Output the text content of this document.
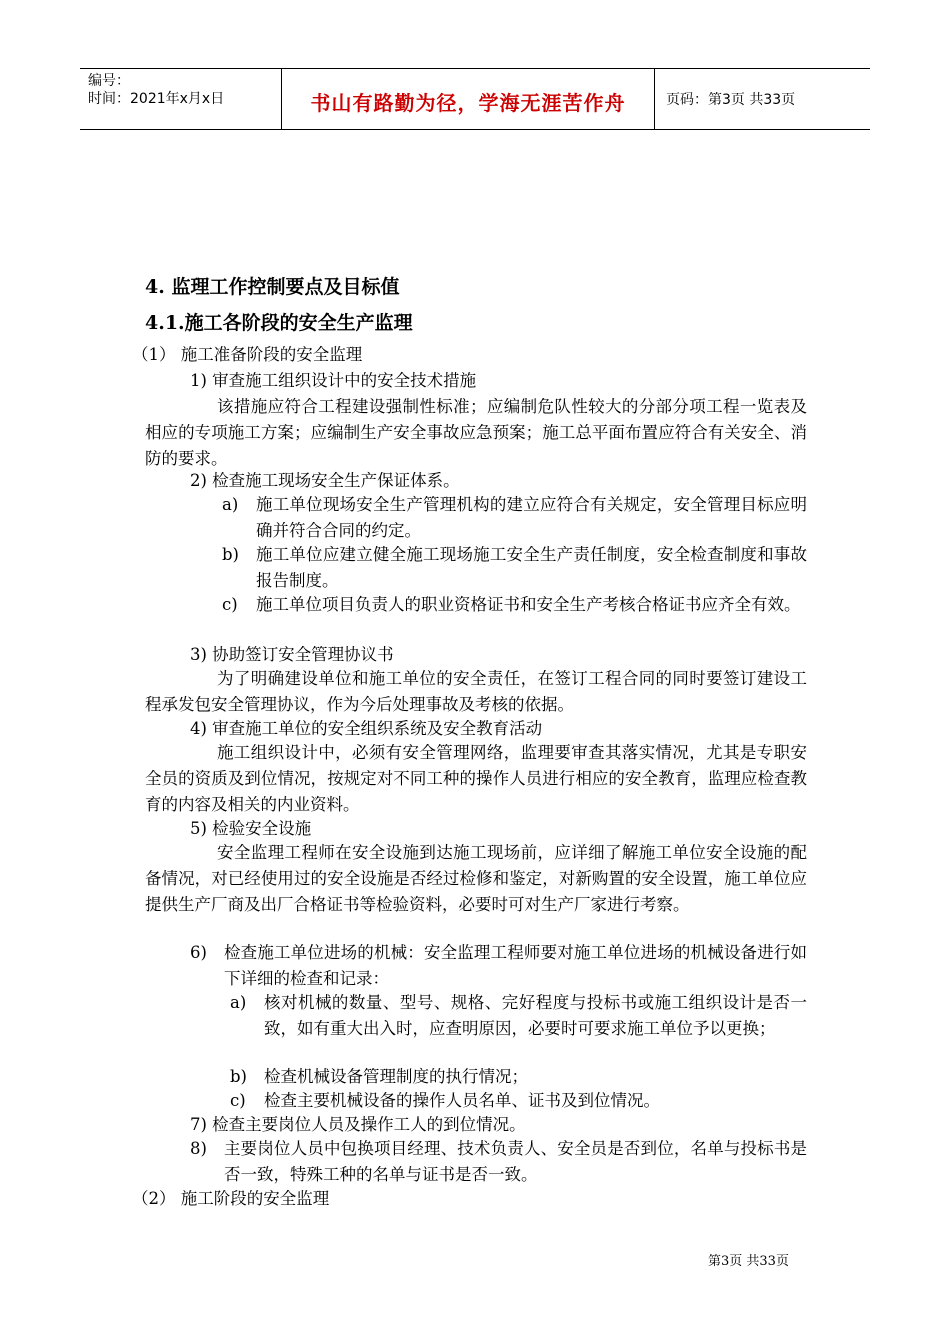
编号：
时间：2021年x月x日	书山有路勤为径，学海无涯苦作舟	页码：第3页 共33页
4. 监理工作控制要点及目标值
4.1.施工各阶段的安全生产监理
（1） 施工准备阶段的安全监理
1) 审查施工组织设计中的安全技术措施
该措施应符合工程建设强制性标准；应编制危队性较大的分部分项工程一览表及相应的专项施工方案；应编制生产安全事故应急预案；施工总平面布置应符合有关安全、消防的要求。
2) 检查施工现场安全生产保证体系。
a) 施工单位现场安全生产管理机构的建立应符合有关规定，安全管理目标应明确并符合合同的约定。
b) 施工单位应建立健全施工现场施工安全生产责任制度，安全检查制度和事故报告制度。
c) 施工单位项目负责人的职业资格证书和安全生产考核合格证书应齐全有效。
3) 协助签订安全管理协议书
为了明确建设单位和施工单位的安全责任，在签订工程合同的同时要签订建设工程承发包安全管理协议，作为今后处理事故及考核的依据。
4) 审查施工单位的安全组织系统及安全教育活动
施工组织设计中，必须有安全管理网络，监理要审查其落实情况，尤其是专职安全员的资质及到位情况，按规定对不同工种的操作人员进行相应的安全教育，监理应检查教育的内容及相关的内业资料。
5) 检验安全设施
安全监理工程师在安全设施到达施工现场前，应详细了解施工单位安全设施的配备情况，对已经使用过的安全设施是否经过检修和鉴定，对新购置的安全设置，施工单位应提供生产厂商及出厂合格证书等检验资料，必要时可对生产厂家进行考察。
6) 检查施工单位进场的机械：安全监理工程师要对施工单位进场的机械设备进行如下详细的检查和记录：
a) 核对机械的数量、型号、规格、完好程度与投标书或施工组织设计是否一致，如有重大出入时，应查明原因，必要时可要求施工单位予以更换；
b) 检查机械设备管理制度的执行情况；
c) 检查主要机械设备的操作人员名单、证书及到位情况。
7) 检查主要岗位人员及操作工人的到位情况。
8) 主要岗位人员中包换项目经理、技术负责人、安全员是否到位，名单与投标书是否一致，特殊工种的名单与证书是否一致。
（2） 施工阶段的安全监理
第3页 共33页
